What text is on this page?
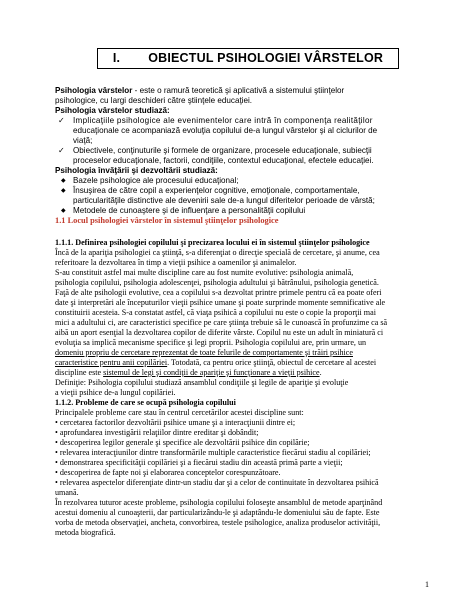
I. OBIECTUL PSIHOLOGIEI VÂRSTELOR
Psihologia vârstelor - este o ramură teoretică şi aplicativă a sistemului ştiinţelor
psihologice, cu largi deschideri către ştiinţele educaţiei.
Psihologia vârstelor studiază:
✓ Implicaţiile psihologice ale evenimentelor care intră în componenţa realităţilor
educaţionale ce acompaniază evoluţia copilului de-a lungul vârstelor şi al ciclurilor de
viaţă;
✓ Obiectivele, conţinuturile şi formele de organizare, procesele educaţionale, subiecţii
proceselor educaţionale, factorii, condiţiile, contextul educaţional, efectele educaţiei.
Psihologia învăţării şi dezvoltării studiază:
◆ Bazele psihologice ale procesului educaţional;
◆ Însuşirea de către copil a experienţelor cognitive, emoţionale, comportamentale,
particularităţile distinctive ale devenirii sale de-a lungul diferitelor perioade de vârstă;
◆ Metodele de cunoaştere şi de influenţare a personalităţii copilului
1.1 Locul psihologiei vârstelor în sistemul ştiinţelor psihologice
1.1.1. Definirea psihologiei copilului şi precizarea locului ei în sistemul ştiinţelor psihologice
Încă de la apariţia psihologiei ca ştiinţă, s-a diferenţiat o direcţie specială de cercetare, şi anume, cea
referitoare la dezvoltarea în timp a vieţii psihice a oamenilor şi animalelor.
S-au constituit astfel mai multe discipline care au fost numite evolutive: psihologia animală,
psihologia copilului, psihologia adolescenţei, psihologia adultului şi bătrânului, psihologia genetică.
Faţă de alte psihologii evolutive, cea a copilului s-a dezvoltat printre primele pentru că ea poate oferi
date şi interpretări ale începuturilor vieţii psihice umane şi poate surprinde momente semnificative ale
constituirii acesteia. S-a constatat astfel, că viaţa psihică a copilului nu este o copie la proporţii mai
mici a adultului ci, are caracteristici specifice pe care ştiinţa trebuie să le cunoască în profunzime ca să
aibă un aport esenţial la dezvoltarea copilor de diferite vârste. Copilul nu este un adult în miniatură ci
evoluţia sa implică mecanisme specifice şi legi proprii. Psihologia copilului are, prin urmare, un
domeniu propriu de cercetare reprezentat de toate felurile de comportamente şi trăiri psihice
caracteristice pentru anii copilăriei. Totodată, ca pentru orice ştiinţă, obiectul de cercetare al acestei
discipline este sistemul de legi şi condiţii de apariţie şi funcţionare a vieţii psihice.
Definiţie: Psihologia copilului studiază ansamblul condiţiile şi legile de apariţie şi evoluţie
a vieţii psihice de-a lungul copilăriei.
1.1.2. Probleme de care se ocupă psihologia copilului
Principalele probleme care stau în centrul cercetărilor acestei discipline sunt:
• cercetarea factorilor dezvoltării psihice umane şi a interacţiunii dintre ei;
• aprofundarea investigării relaţiilor dintre ereditar şi dobândit;
• descoperirea legilor generale şi specifice ale dezvoltării psihice din copilărie;
• relevarea interacţiunilor dintre transformările multiple caracteristice fiecărui stadiu al copilăriei;
• demonstrarea specificităţii copilăriei şi a fiecărui stadiu din această primă parte a vieţii;
• descoperirea de fapte noi şi elaborarea conceptelor corespunzătoare.
• relevarea aspectelor diferenţiate dintr-un stadiu dar şi a celor de continuitate în dezvoltarea psihică
umană.
În rezolvarea tuturor aceste probleme, psihologia copilului foloseşte ansamblul de metode aparţinând
acestui domeniu al cunoaşterii, dar particularizându-le şi adaptându-le domeniului său de fapte. Este
vorba de metoda observaţiei, ancheta, convorbirea, testele psihologice, analiza produselor activităţii,
metoda biografică.
1
